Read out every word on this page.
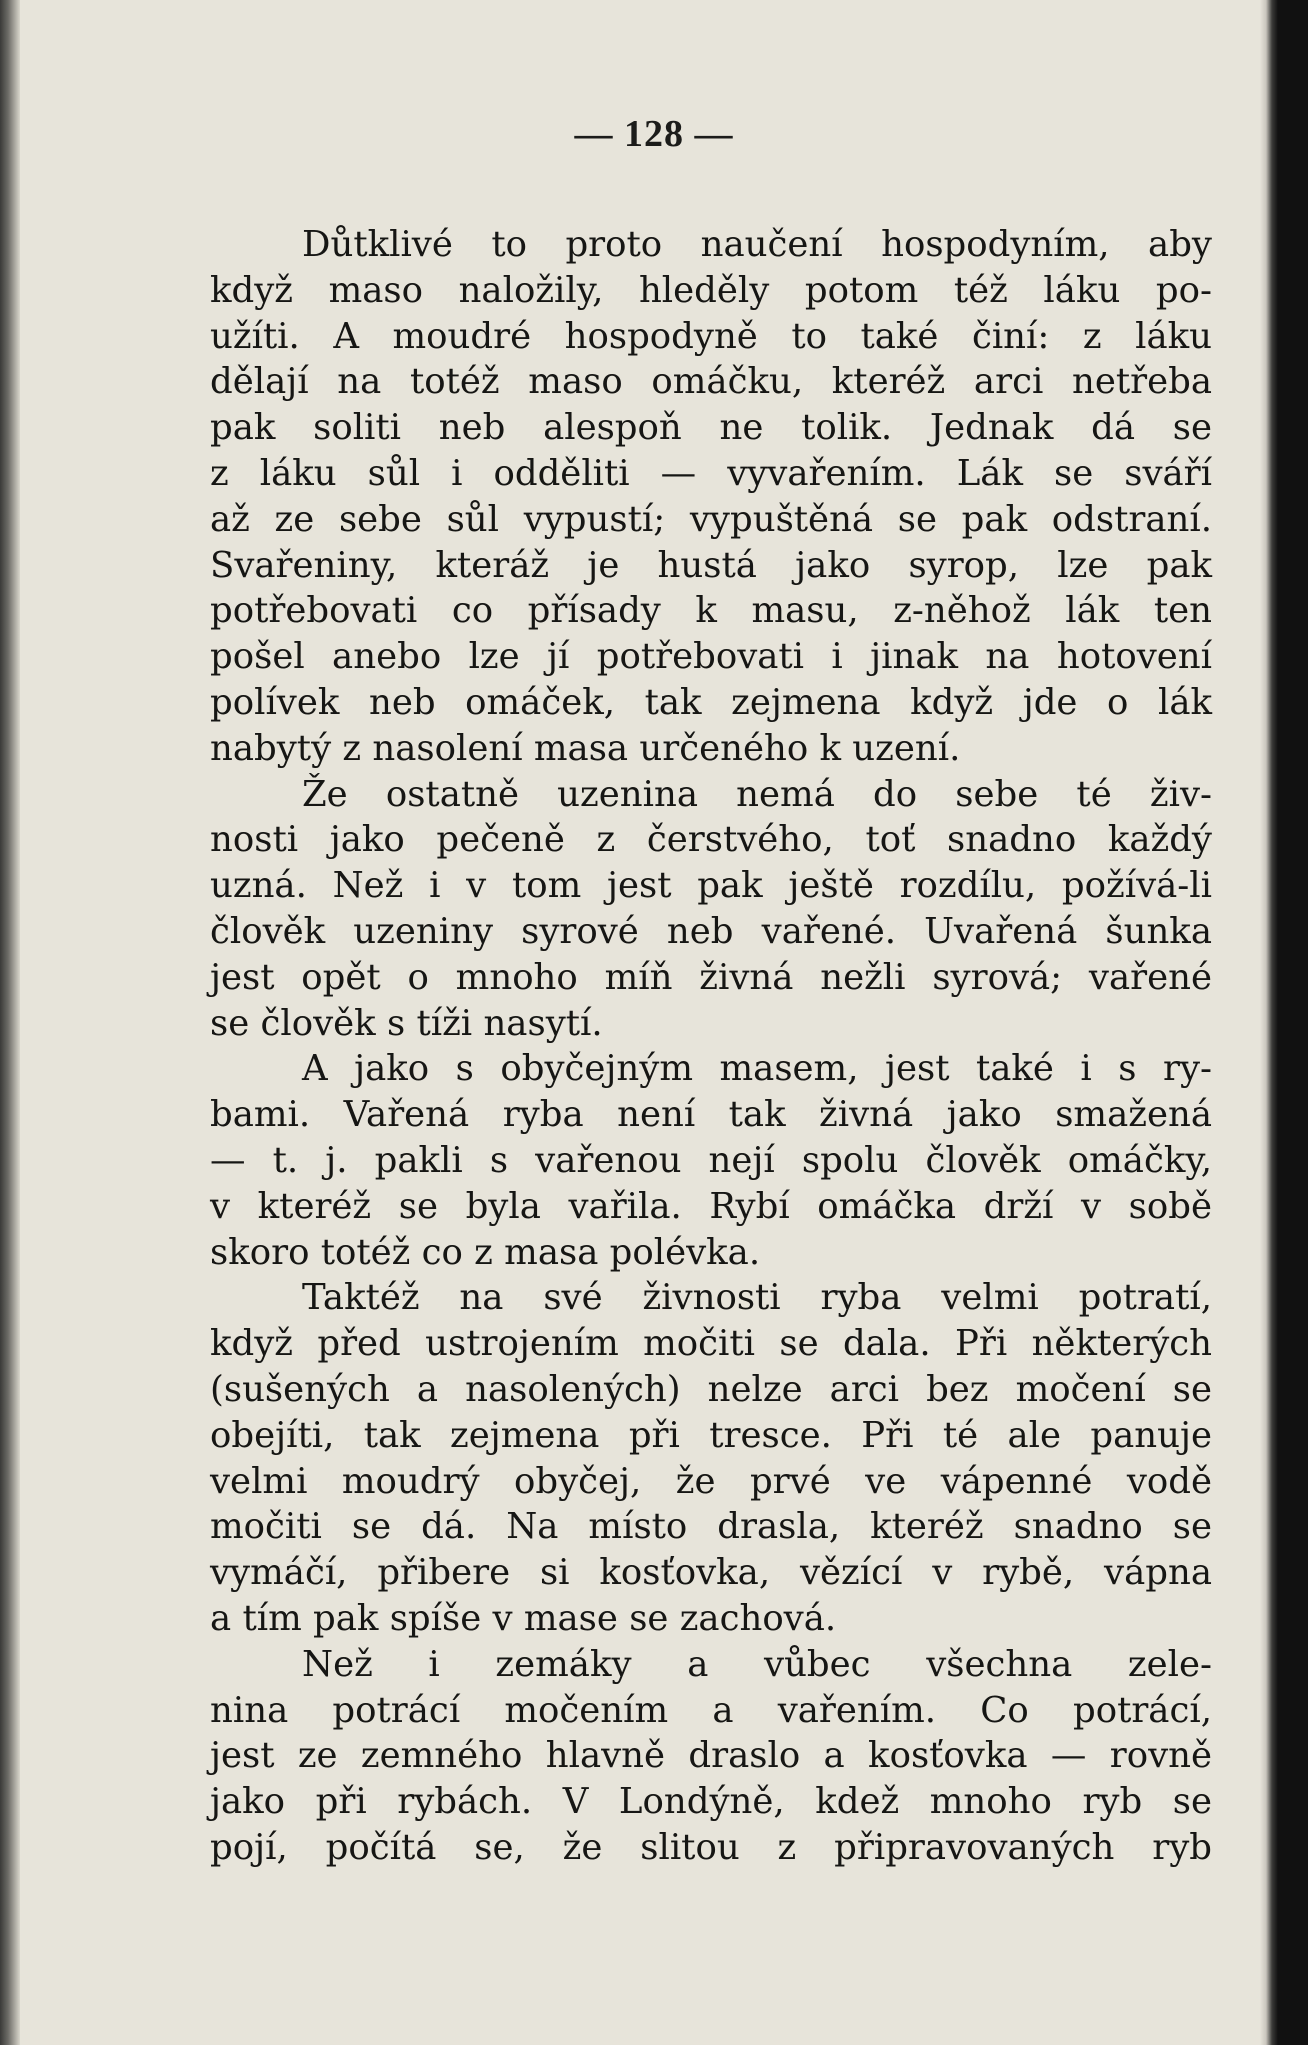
— 128 —
Důtklivé to proto naučení hospodyním, aby
když maso naložily, hleděly potom též láku po-
užíti. A moudré hospodyně to také činí: z láku
dělají na totéž maso omáčku, kteréž arci netřeba
pak soliti neb alespoň ne tolik. Jednak dá se
z láku sůl i odděliti — vyvařením. Lák se sváří
až ze sebe sůl vypustí; vypuštěná se pak odstraní.
Svařeniny, kteráž je hustá jako syrop, lze pak
potřebovati co přísady k masu, z-něhož lák ten
pošel anebo lze jí potřebovati i jinak na hotovení
polívek neb omáček, tak zejmena když jde o lák
nabytý z nasolení masa určeného k uzení.
Že ostatně uzenina nemá do sebe té živ-
nosti jako pečeně z čerstvého, toť snadno každý
uzná. Než i v tom jest pak ještě rozdílu, požívá-li
člověk uzeniny syrové neb vařené. Uvařená šunka
jest opět o mnoho míň živná nežli syrová; vařené
se člověk s tíži nasytí.
A jako s obyčejným masem, jest také i s ry-
bami. Vařená ryba není tak živná jako smažená
— t. j. pakli s vařenou nejí spolu člověk omáčky,
v kteréž se byla vařila. Rybí omáčka drží v sobě
skoro totéž co z masa polévka.
Taktéž na své živnosti ryba velmi potratí,
když před ustrojením močiti se dala. Při některých
(sušených a nasolených) nelze arci bez močení se
obejíti, tak zejmena při tresce. Při té ale panuje
velmi moudrý obyčej, že prvé ve vápenné vodě
močiti se dá. Na místo drasla, kteréž snadno se
vymáčí, přibere si kosťovka, vězící v rybě, vápna
a tím pak spíše v mase se zachová.
Než i zemáky a vůbec všechna zele-
nina potrácí močením a vařením. Co potrácí,
jest ze zemného hlavně draslo a kosťovka — rovně
jako při rybách. V Londýně, kdež mnoho ryb se
pojí, počítá se, že slitou z připravovaných ryb
